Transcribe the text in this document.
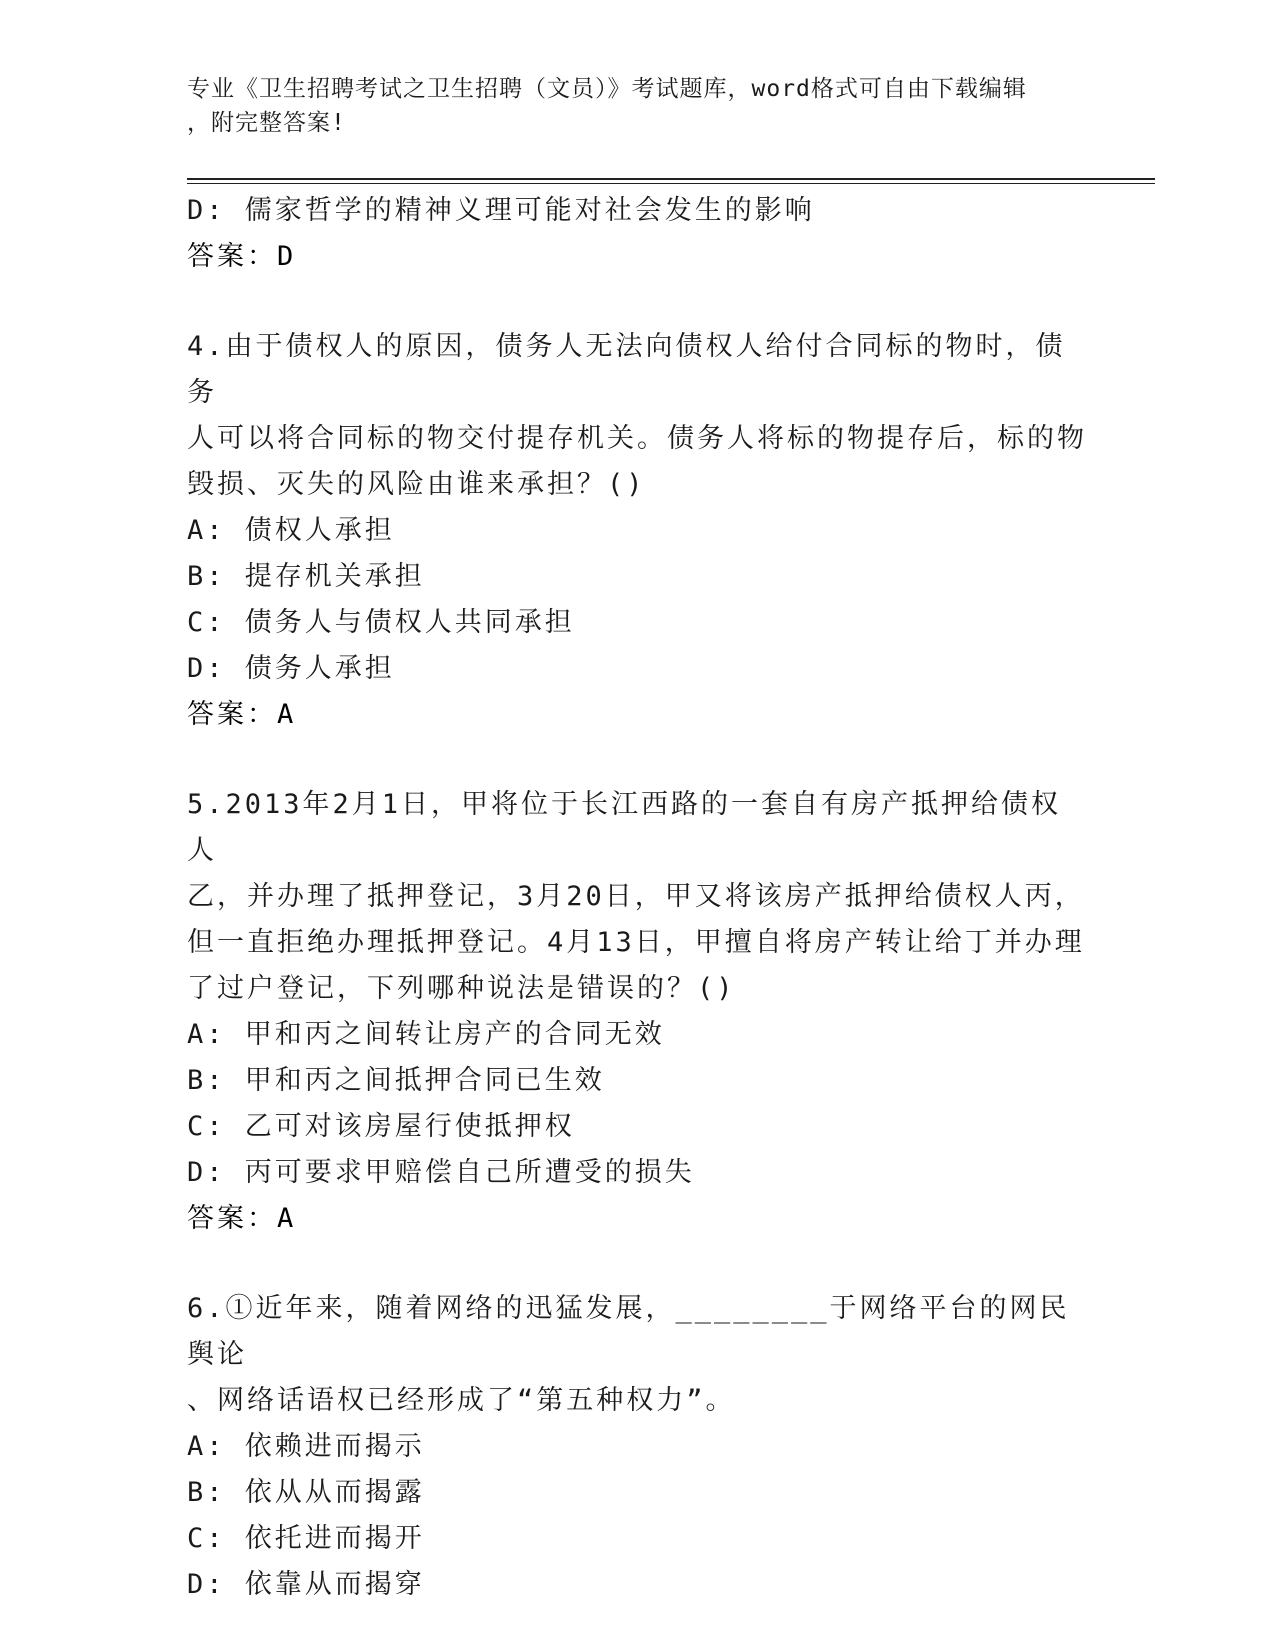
专业《卫生招聘考试之卫生招聘（文员）》考试题库，word格式可自由下载编辑
，附完整答案!
D: 儒家哲学的精神义理可能对社会发生的影响
答案：D
4.由于债权人的原因，债务人无法向债权人给付合同标的物时，债务
人可以将合同标的物交付提存机关。债务人将标的物提存后，标的物
毁损、灭失的风险由谁来承担？()
A: 债权人承担
B: 提存机关承担
C: 债务人与债权人共同承担
D: 债务人承担
答案：A
5.2013年2月1日，甲将位于长江西路的一套自有房产抵押给债权人
乙，并办理了抵押登记，3月20日，甲又将该房产抵押给债权人丙，
但一直拒绝办理抵押登记。4月13日，甲擅自将房产转让给丁并办理
了过户登记，下列哪种说法是错误的？()
A: 甲和丙之间转让房产的合同无效
B: 甲和丙之间抵押合同已生效
C: 乙可对该房屋行使抵押权
D: 丙可要求甲赔偿自己所遭受的损失
答案：A
6.①近年来，随着网络的迅猛发展，________于网络平台的网民舆论
、网络话语权已经形成了“第五种权力”。
A: 依赖进而揭示
B: 依从从而揭露
C: 依托进而揭开
D: 依靠从而揭穿
